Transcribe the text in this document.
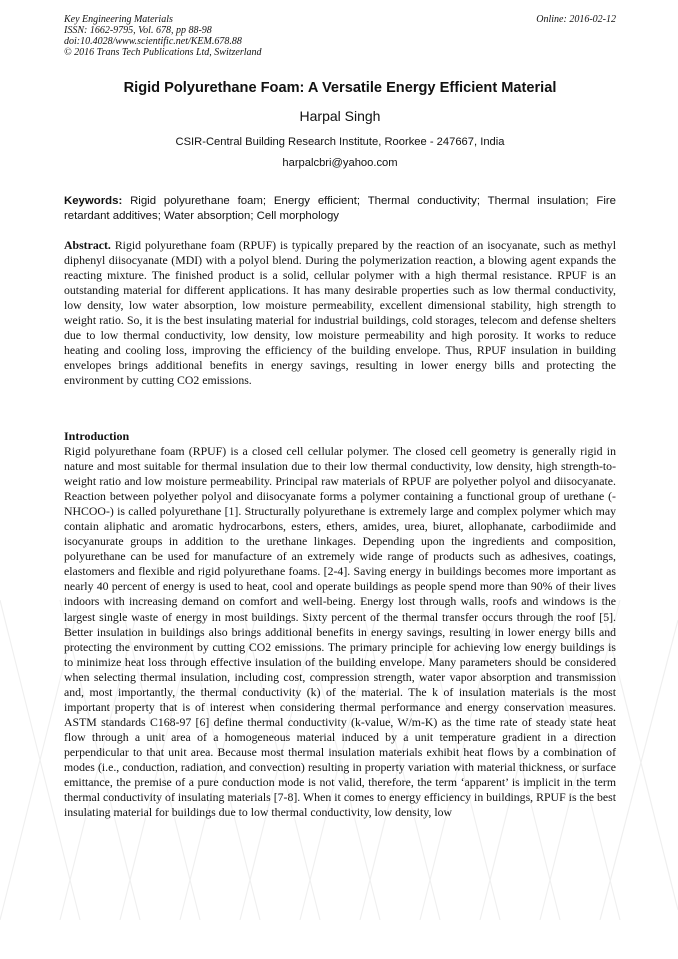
Key Engineering Materials
ISSN: 1662-9795, Vol. 678, pp 88-98
doi:10.4028/www.scientific.net/KEM.678.88
© 2016 Trans Tech Publications Ltd, Switzerland
Online: 2016-02-12
Rigid Polyurethane Foam: A Versatile Energy Efficient Material
Harpal Singh
CSIR-Central Building Research Institute, Roorkee - 247667, India
harpalcbri@yahoo.com
Keywords: Rigid polyurethane foam; Energy efficient; Thermal conductivity; Thermal insulation; Fire retardant additives; Water absorption; Cell morphology
Abstract. Rigid polyurethane foam (RPUF) is typically prepared by the reaction of an isocyanate, such as methyl diphenyl diisocyanate (MDI) with a polyol blend. During the polymerization reaction, a blowing agent expands the reacting mixture. The finished product is a solid, cellular polymer with a high thermal resistance. RPUF is an outstanding material for different applications. It has many desirable properties such as low thermal conductivity, low density, low water absorption, low moisture permeability, excellent dimensional stability, high strength to weight ratio. So, it is the best insulating material for industrial buildings, cold storages, telecom and defense shelters due to low thermal conductivity, low density, low moisture permeability and high porosity. It works to reduce heating and cooling loss, improving the efficiency of the building envelope. Thus, RPUF insulation in building envelopes brings additional benefits in energy savings, resulting in lower energy bills and protecting the environment by cutting CO2 emissions.
Introduction
Rigid polyurethane foam (RPUF) is a closed cell cellular polymer. The closed cell geometry is generally rigid in nature and most suitable for thermal insulation due to their low thermal conductivity, low density, high strength-to-weight ratio and low moisture permeability. Principal raw materials of RPUF are polyether polyol and diisocyanate. Reaction between polyether polyol and diisocyanate forms a polymer containing a functional group of urethane (-NHCOO-) is called polyurethane [1]. Structurally polyurethane is extremely large and complex polymer which may contain aliphatic and aromatic hydrocarbons, esters, ethers, amides, urea, biuret, allophanate, carbodiimide and isocyanurate groups in addition to the urethane linkages. Depending upon the ingredients and composition, polyurethane can be used for manufacture of an extremely wide range of products such as adhesives, coatings, elastomers and flexible and rigid polyurethane foams. [2-4]. Saving energy in buildings becomes more important as nearly 40 percent of energy is used to heat, cool and operate buildings as people spend more than 90% of their lives indoors with increasing demand on comfort and well-being. Energy lost through walls, roofs and windows is the largest single waste of energy in most buildings. Sixty percent of the thermal transfer occurs through the roof [5]. Better insulation in buildings also brings additional benefits in energy savings, resulting in lower energy bills and protecting the environment by cutting CO2 emissions. The primary principle for achieving low energy buildings is to minimize heat loss through effective insulation of the building envelope. Many parameters should be considered when selecting thermal insulation, including cost, compression strength, water vapor absorption and transmission and, most importantly, the thermal conductivity (k) of the material. The k of insulation materials is the most important property that is of interest when considering thermal performance and energy conservation measures. ASTM standards C168-97 [6] define thermal conductivity (k-value, W/m-K) as the time rate of steady state heat flow through a unit area of a homogeneous material induced by a unit temperature gradient in a direction perpendicular to that unit area. Because most thermal insulation materials exhibit heat flows by a combination of modes (i.e., conduction, radiation, and convection) resulting in property variation with material thickness, or surface emittance, the premise of a pure conduction mode is not valid, therefore, the term ‘apparent’ is implicit in the term thermal conductivity of insulating materials [7-8]. When it comes to energy efficiency in buildings, RPUF is the best insulating material for buildings due to low thermal conductivity, low density, low
